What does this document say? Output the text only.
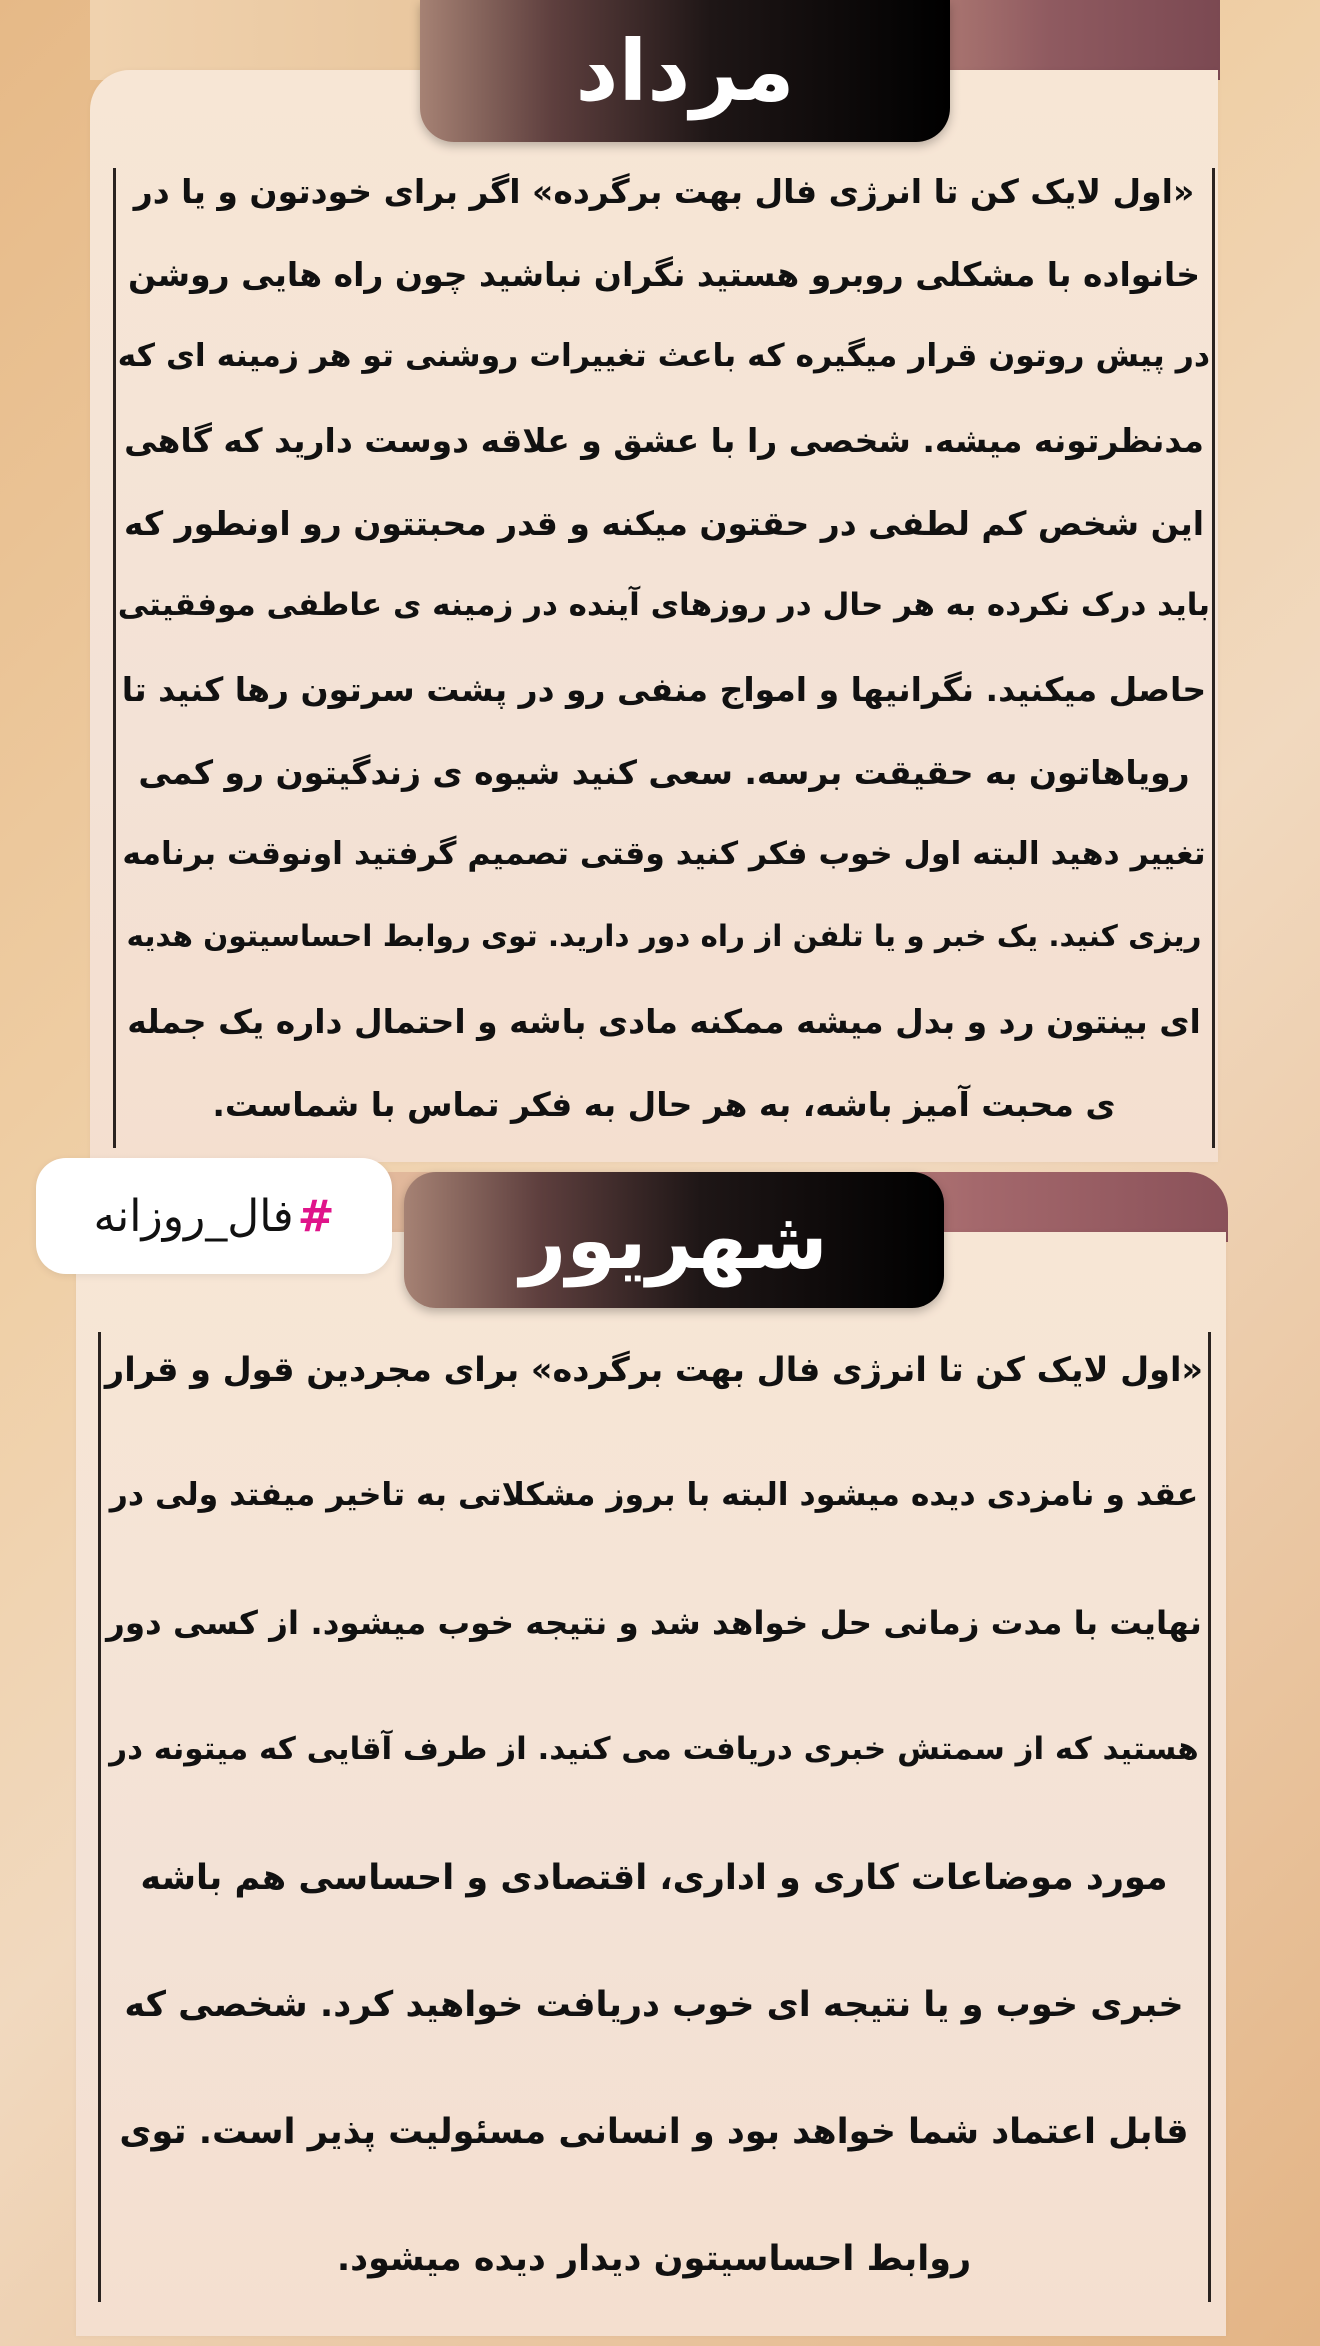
مرداد
«اول لایک کن تا انرژی فال بهت برگرده» اگر برای خودتون و یا در
خانواده با مشکلی روبرو هستید نگران نباشید چون راه هایی روشن
در پیش روتون قرار میگیره که باعث تغییرات روشنی تو هر زمینه ای که
مدنظرتونه میشه. شخصی را با عشق و علاقه دوست دارید که گاهی
این شخص کم لطفی در حقتون میکنه و قدر محبتتون رو اونطور که
باید درک نکرده به هر حال در روزهای آینده در زمینه ی عاطفی موفقیتی
حاصل میکنید. نگرانیها و امواج منفی رو در پشت سرتون رها کنید تا
رویاهاتون به حقیقت برسه. سعی کنید شیوه ی زندگیتون رو کمی
تغییر دهید البته اول خوب فکر کنید وقتی تصمیم گرفتید اونوقت برنامه
ریزی کنید. یک خبر و یا تلفن از راه دور دارید. توی روابط احساسیتون هدیه
ای بینتون رد و بدل میشه ممکنه مادی باشه و احتمال داره یک جمله
ی محبت آمیز باشه، به هر حال به فکر تماس با شماست.
#
فال_روزانه	شهریور
«اول لایک کن تا انرژی فال بهت برگرده» برای مجردین قول و قرار
عقد و نامزدی دیده میشود البته با بروز مشکلاتی به تاخیر میفتد ولی در
نهایت با مدت زمانی حل خواهد شد و نتیجه خوب میشود. از کسی دور
هستید که از سمتش خبری دریافت می کنید. از طرف آقایی که میتونه در
مورد موضاعات کاری و اداری، اقتصادی و احساسی هم باشه
خبری خوب و یا نتیجه ای خوب دریافت خواهید کرد. شخصی که
قابل اعتماد شما خواهد بود و انسانی مسئولیت پذیر است. توی
روابط احساسیتون دیدار دیده میشود.
